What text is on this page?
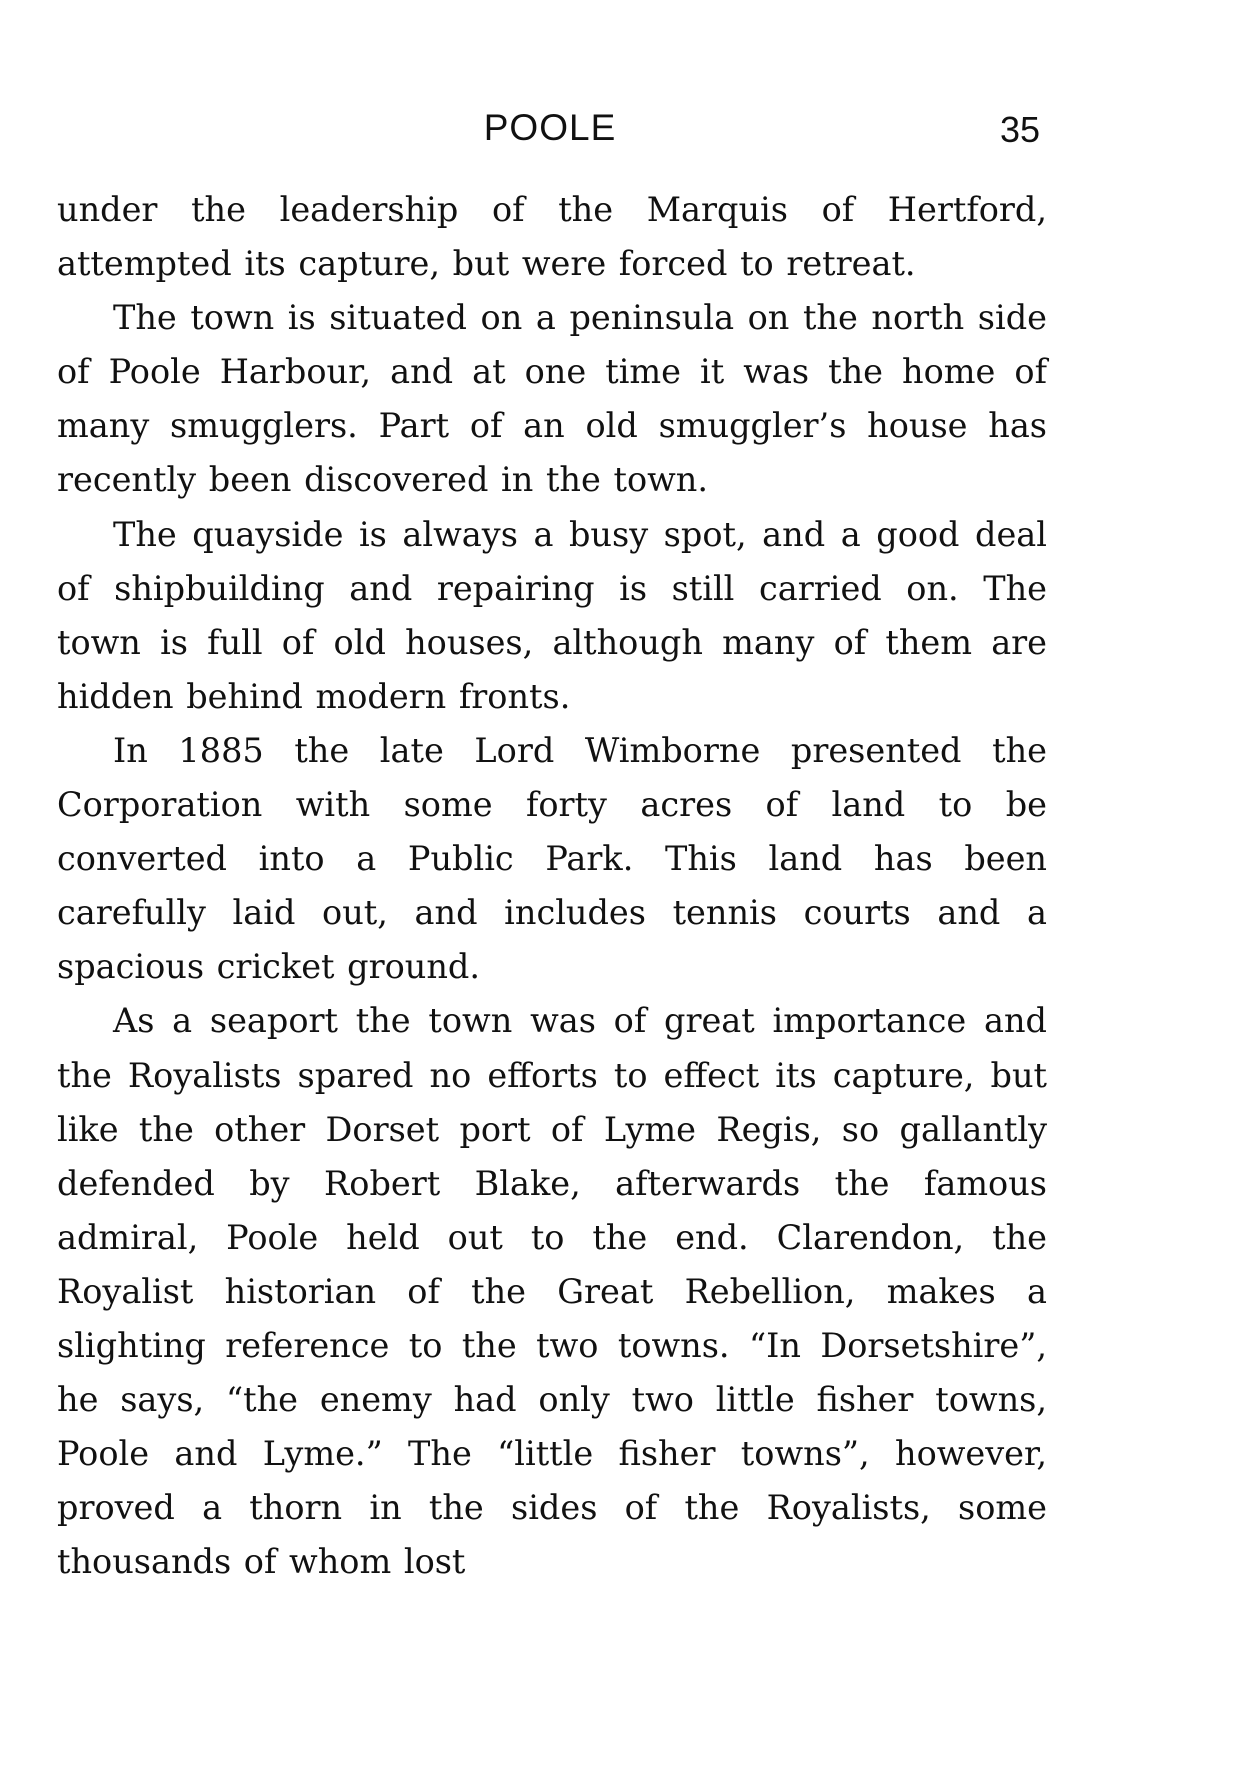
POOLE	35

under the leadership of the Marquis of Hertford, attempted its capture, but were forced to retreat.

The town is situated on a peninsula on the north side of Poole Harbour, and at one time it was the home of many smugglers. Part of an old smuggler’s house has recently been discovered in the town.

The quayside is always a busy spot, and a good deal of shipbuilding and repairing is still carried on. The town is full of old houses, although many of them are hidden behind modern fronts.

In 1885 the late Lord Wimborne presented the Corporation with some forty acres of land to be converted into a Public Park. This land has been carefully laid out, and includes tennis courts and a spacious cricket ground.

As a seaport the town was of great importance and the Royalists spared no efforts to effect its capture, but like the other Dorset port of Lyme Regis, so gallantly defended by Robert Blake, afterwards the famous admiral, Poole held out to the end. Clarendon, the Royalist historian of the Great Rebellion, makes a slighting reference to the two towns. “In Dorsetshire”, he says, “the enemy had only two little fisher towns, Poole and Lyme.” The “little fisher towns”, however, proved a thorn in the sides of the Royalists, some thousands of whom lost
